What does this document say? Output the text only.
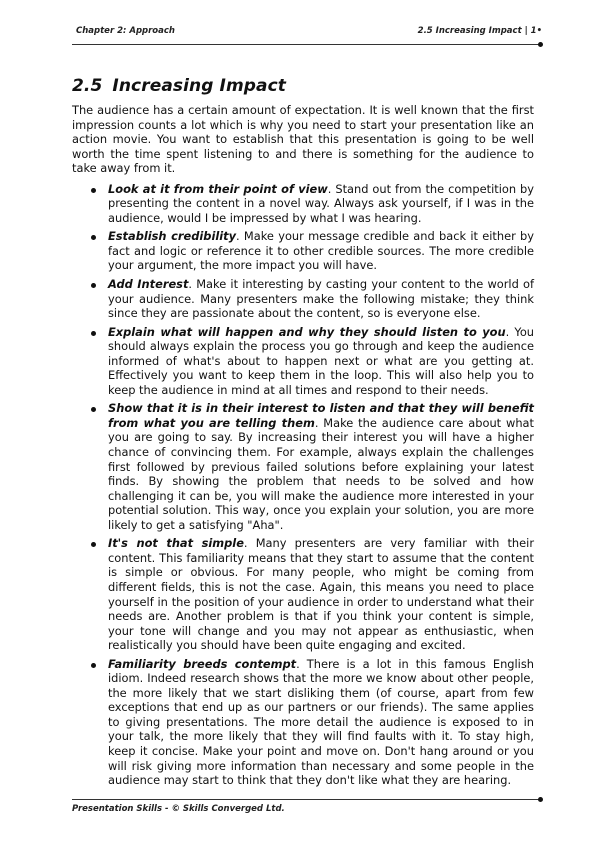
Chapter 2: Approach	2.5 Increasing Impact | 1•
2.5 Increasing Impact

The audience has a certain amount of expectation. It is well known that the first impression counts a lot which is why you need to start your presentation like an action movie. You want to establish that this presentation is going to be well worth the time spent listening to and there is something for the audience to take away from it.

Look at it from their point of view. Stand out from the competition by presenting the content in a novel way. Always ask yourself, if I was in the audience, would I be impressed by what I was hearing.
Establish credibility. Make your message credible and back it either by fact and logic or reference it to other credible sources. The more credible your argument, the more impact you will have.
Add Interest. Make it interesting by casting your content to the world of your audience. Many presenters make the following mistake; they think since they are passionate about the content, so is everyone else.
Explain what will happen and why they should listen to you. You should always explain the process you go through and keep the audience informed of what's about to happen next or what are you getting at. Effectively you want to keep them in the loop. This will also help you to keep the audience in mind at all times and respond to their needs.
Show that it is in their interest to listen and that they will benefit from what you are telling them. Make the audience care about what you are going to say. By increasing their interest you will have a higher chance of convincing them. For example, always explain the challenges first followed by previous failed solutions before explaining your latest finds. By showing the problem that needs to be solved and how challenging it can be, you will make the audience more interested in your potential solution. This way, once you explain your solution, you are more likely to get a satisfying "Aha".
It's not that simple. Many presenters are very familiar with their content. This familiarity means that they start to assume that the content is simple or obvious. For many people, who might be coming from different fields, this is not the case. Again, this means you need to place yourself in the position of your audience in order to understand what their needs are. Another problem is that if you think your content is simple, your tone will change and you may not appear as enthusiastic, when realistically you should have been quite engaging and excited.
Familiarity breeds contempt. There is a lot in this famous English idiom. Indeed research shows that the more we know about other people, the more likely that we start disliking them (of course, apart from few exceptions that end up as our partners or our friends). The same applies to giving presentations. The more detail the audience is exposed to in your talk, the more likely that they will find faults with it. To stay high, keep it concise. Make your point and move on. Don't hang around or you will risk giving more information than necessary and some people in the audience may start to think that they don't like what they are hearing.
Presentation Skills - © Skills Converged Ltd.
